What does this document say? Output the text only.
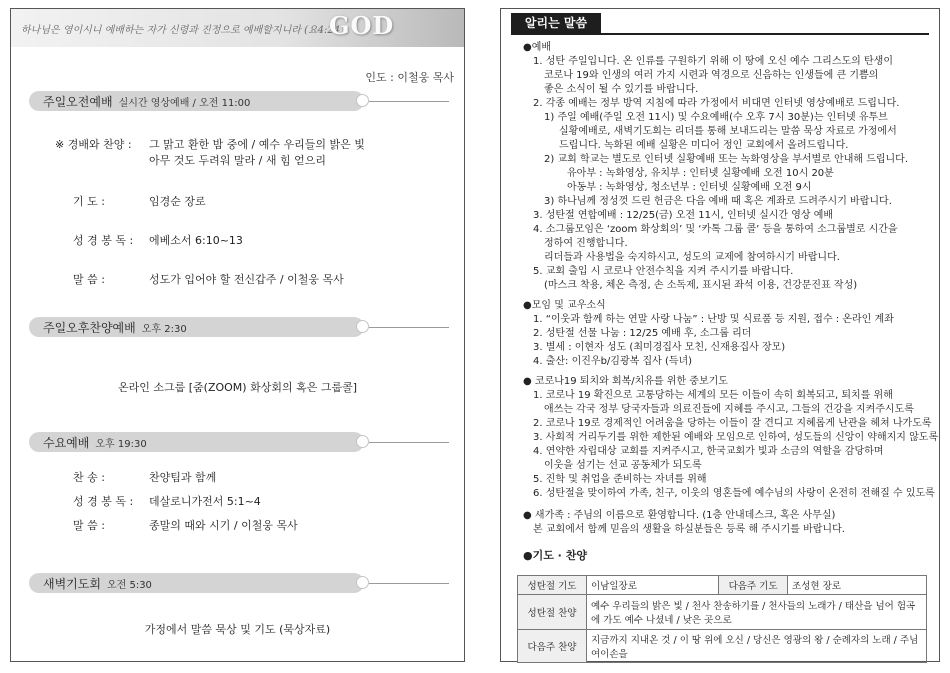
하나님은 영이시니 예배하는 자가 신령과 진정으로 예배할지니라 (요4:24)
GOD
인도 : 이철웅 목사
주일오전예배 실시간 영상예배 / 오전 11:00
※ 경배와 찬양 : 그 맑고 환한 밤 중에 / 예수 우리들의 밝은 빛
아무 것도 두려워 말라 / 새 힘 얻으리
기 도 :	임경순 장로
성 경 봉 독 : 에베소서 6:10~13
말 씀 :	성도가 입어야 할 전신갑주 / 이철웅 목사
주일오후찬양예배 오후 2:30
온라인 소그룹 [줌(ZOOM) 화상회의 혹은 그룹콜]
수요예배 오후 19:30
찬 송 :	찬양팀과 함께
성 경 봉 독 : 데살로니가전서 5:1~4
말 씀 :	종말의 때와 시기 / 이철웅 목사
새벽기도회 오전 5:30
가정에서 말씀 묵상 및 기도 (묵상자료)
알리는 말씀
●예배
1. 성탄 주일입니다. 온 인류를 구원하기 위해 이 땅에 오신 예수 그리스도의 탄생이
코로나 19와 인생의 여러 가지 시련과 역경으로 신음하는 인생들에 큰 기쁨의
좋은 소식이 될 수 있기를 바랍니다.
2. 각종 예배는 정부 방역 지침에 따라 가정에서 비대면 인터넷 영상예배로 드립니다.
1) 주일 예배(주일 오전 11시) 및 수요예배(수 오후 7시 30분)는 인터넷 유투브
실황예배로, 새벽기도회는 리더를 통해 보내드리는 말씀 묵상 자료로 가정에서
드립니다. 녹화된 예배 실황은 미디어 정인 교회에서 올려드립니다.
2) 교회 학교는 별도로 인터넷 실황예배 또는 녹화영상을 부서별로 안내해 드립니다.
유아부 : 녹화영상, 유치부 : 인터넷 실황예배 오전 10시 20분
아동부 : 녹화영상, 청소년부 : 인터넷 실황예배 오전 9시
3) 하나님께 정성껏 드린 헌금은 다음 예배 때 혹은 계좌로 드려주시기 바랍니다.
3. 성탄절 연합예배 : 12/25(금) 오전 11시, 인터넷 실시간 영상 예배
4. 소그룹모임은 ‘zoom 화상회의’ 및 ‘카톡 그룹 콜’ 등을 통하여 소그룹별로 시간을
정하여 진행합니다.
리더들과 사용법을 숙지하시고, 성도의 교제에 참여하시기 바랍니다.
5. 교회 출입 시 코로나 안전수칙을 지켜 주시기를 바랍니다.
(마스크 착용, 체온 측정, 손 소독제, 표시된 좌석 이용, 건강문진표 작성)
●모임 및 교우소식
1. “이웃과 함께 하는 연말 사랑 나눔” : 난방 및 식료품 등 지원, 접수 : 온라인 계좌
2. 성탄절 선물 나눔 : 12/25 예배 후, 소그룹 리더
3. 별세 : 이현자 성도 (최미경집사 모친, 신재용집사 장모)
4. 출산: 이진우b/김광복 집사 (득녀)
● 코로나19 퇴치와 회복/치유를 위한 중보기도
1. 코로나 19 확진으로 고통당하는 세계의 모든 이들이 속히 회복되고, 퇴치를 위해
애쓰는 각국 정부 당국자들과 의료진들에 지혜를 주시고, 그들의 건강을 지켜주시도록
2. 코로나 19로 경제적인 어려움을 당하는 이들이 잘 견디고 지혜롭게 난관을 헤쳐 나가도록
3. 사회적 거리두기를 위한 제한된 예배와 모임으로 인하여, 성도들의 신앙이 약해지지 않도록
4. 연약한 자립대상 교회를 지켜주시고, 한국교회가 빛과 소금의 역할을 감당하며
이웃을 섬기는 선교 공동체가 되도록
5. 진학 및 취업을 준비하는 자녀를 위해
6. 성탄절을 맞이하여 가족, 친구, 이웃의 영혼들에 예수님의 사랑이 온전히 전해질 수 있도록
● 새가족 : 주님의 이름으로 환영합니다. (1층 안내데스크, 혹은 사무실)
본 교회에서 함께 믿음의 생활을 하실분들은 등록 해 주시기를 바랍니다.
●기도 · 찬양
성탄절 기도	이남일장로	다음주 기도	조성현 장로
성탄절 찬양	예수 우리들의 밝은 빛 / 천사 찬송하기를 / 천사들의 노래가 / 태산을 넘어 험곡에 가도 예수 나셨네 / 낮은 곳으로		
다음주 찬양	지금까지 지내온 것 / 이 땅 위에 오신 / 당신은 영광의 왕 / 순례자의 노래 / 주님 여이손을		
